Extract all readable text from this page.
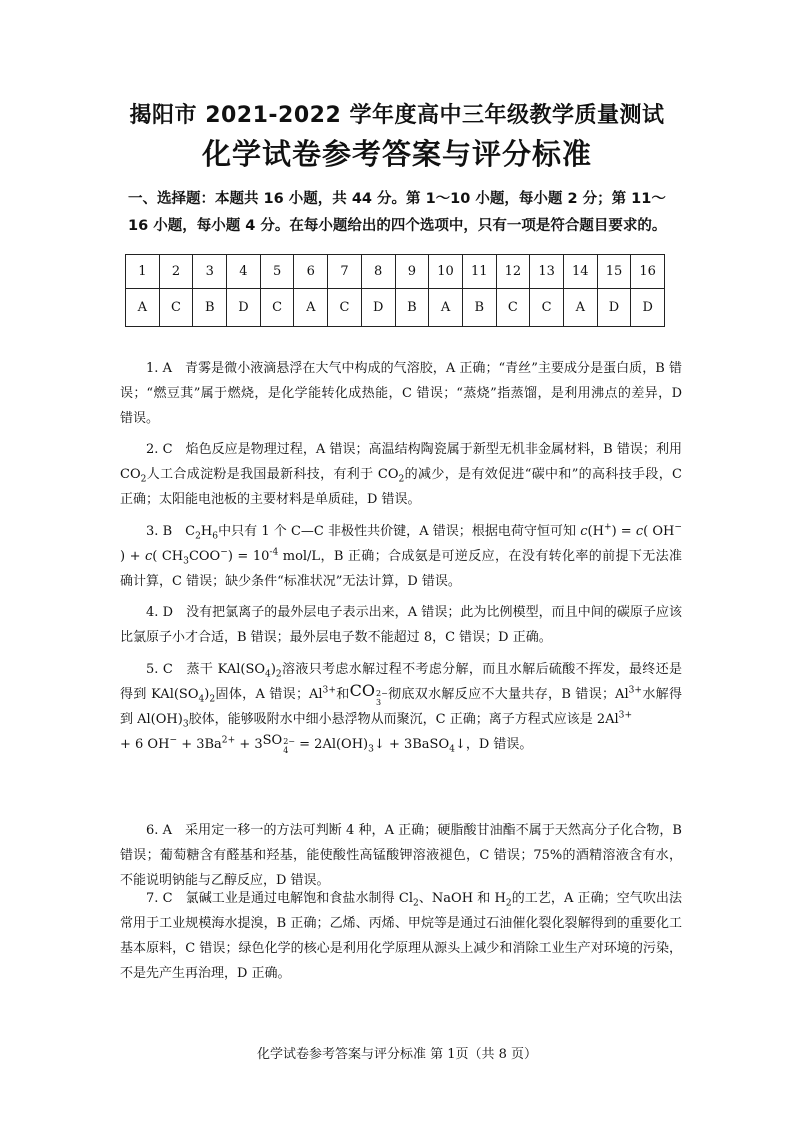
揭阳市 2021-2022 学年度高中三年级教学质量测试
化学试卷参考答案与评分标准
一、选择题：本题共 16 小题，共 44 分。第 1～10 小题，每小题 2 分；第 11～16 小题，每小题 4 分。在每小题给出的四个选项中，只有一项是符合题目要求的。
1	2	3	4	5	6	7	8	9	10	11	12	13	14	15	16
A	C	B	D	C	A	C	D	B	A	B	C	C	A	D	D
1. A　青雾是微小液滴悬浮在大气中构成的气溶胶，A 正确；“青丝”主要成分是蛋白质，B 错误；“燃豆萁”属于燃烧，是化学能转化成热能，C 错误；“蒸烧”指蒸馏，是利用沸点的差异，D 错误。
2. C　焰色反应是物理过程，A 错误；高温结构陶瓷属于新型无机非金属材料，B 错误；利用 $CO_2$人工合成淀粉是我国最新科技，有利于 $CO_2$的减少，是有效促进“碳中和”的高科技手段，C 正确；太阳能电池板的主要材料是单质硅，D 错误。
3. B　$C_2H_6$中只有 1 个 C—C 非极性共价键，A 错误；根据电荷守恒可知 c(H+) = c( OH− ) + c( $CH_3COO^-) = 10^{-4}$ mol/L，B 正确；合成氨是可逆反应，在没有转化率的前提下无法准确计算，C 错误；缺少条件“标准状况”无法计算，D 错误。
4. D　没有把氯离子的最外层电子表示出来，A 错误；此为比例模型，而且中间的碳原子应该比氯原子小才合适，B 错误；最外层电子数不能超过 8，C 错误；D 正确。
5. C　蒸干 $KAl(SO_4)_2$溶液只考虑水解过程不考虑分解，而且水解后硫酸不挥发，最终还是得到 $KAl(SO_4)_2$固体，A 错误；$Al^{3+}$和CO 2−
3 彻底双水解反应不大量共存，B 错误；$Al^{3+}$水解得到 $Al(OH)_3$胶体，能够吸附水中细小悬浮物从而聚沉，C 正确；离子方程式应该是 $2Al^{3+}$
+ 6 $OH^- + 3Ba^{2+} + 3SO$ 2−
$4 = 2Al(OH)_3↓$ + 3BaSO$_4$↓，D 错误。
6. A　采用定一移一的方法可判断 4 种，A 正确；硬脂酸甘油酯不属于天然高分子化合物，B 错误；葡萄糖含有醛基和羟基，能使酸性高锰酸钾溶液褪色，C 错误；75%的酒精溶液含有水，不能说明钠能与乙醇反应，D 错误。
7. C　氯碱工业是通过电解饱和食盐水制得 $Cl_2$、NaOH 和 $H_2$的工艺，A 正确；空气吹出法常用于工业规模海水提溴，B 正确；乙烯、丙烯、甲烷等是通过石油催化裂化裂解得到的重要化工基本原料，C 错误；绿色化学的核心是利用化学原理从源头上减少和消除工业生产对环境的污染，不是先产生再治理，D 正确。
化学试卷参考答案与评分标准 第 1页（共 8 页）
